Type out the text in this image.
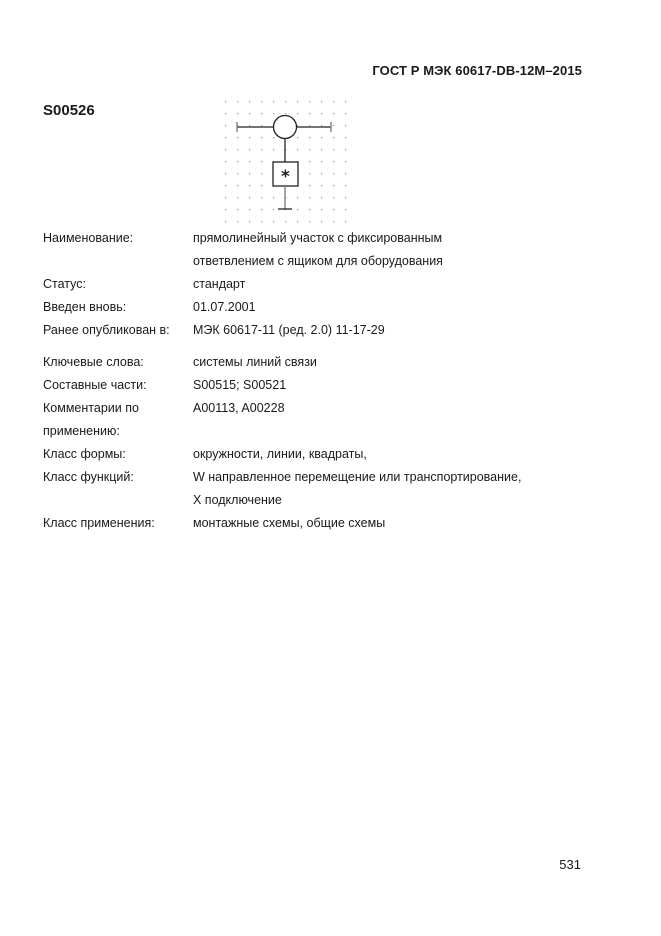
ГОСТ Р МЭК 60617-DB-12M–2015
S00526
*
Наименование:	прямолинейный участок с фиксированным
ответвлением с ящиком для оборудования
Статус:	стандарт
Введен вновь:	01.07.2001
Ранее опубликован в:	МЭК 60617-11 (ред. 2.0) 11-17-29
Ключевые слова:	системы линий связи
Составные части:	S00515; S00521
Комментарии по	A00113, A00228
применению:
Класс формы:	окружности, линии, квадраты,
Класс функций:	W направленное перемещение или транспортирование,
X подключение
Класс применения:	монтажные схемы, общие схемы
531
